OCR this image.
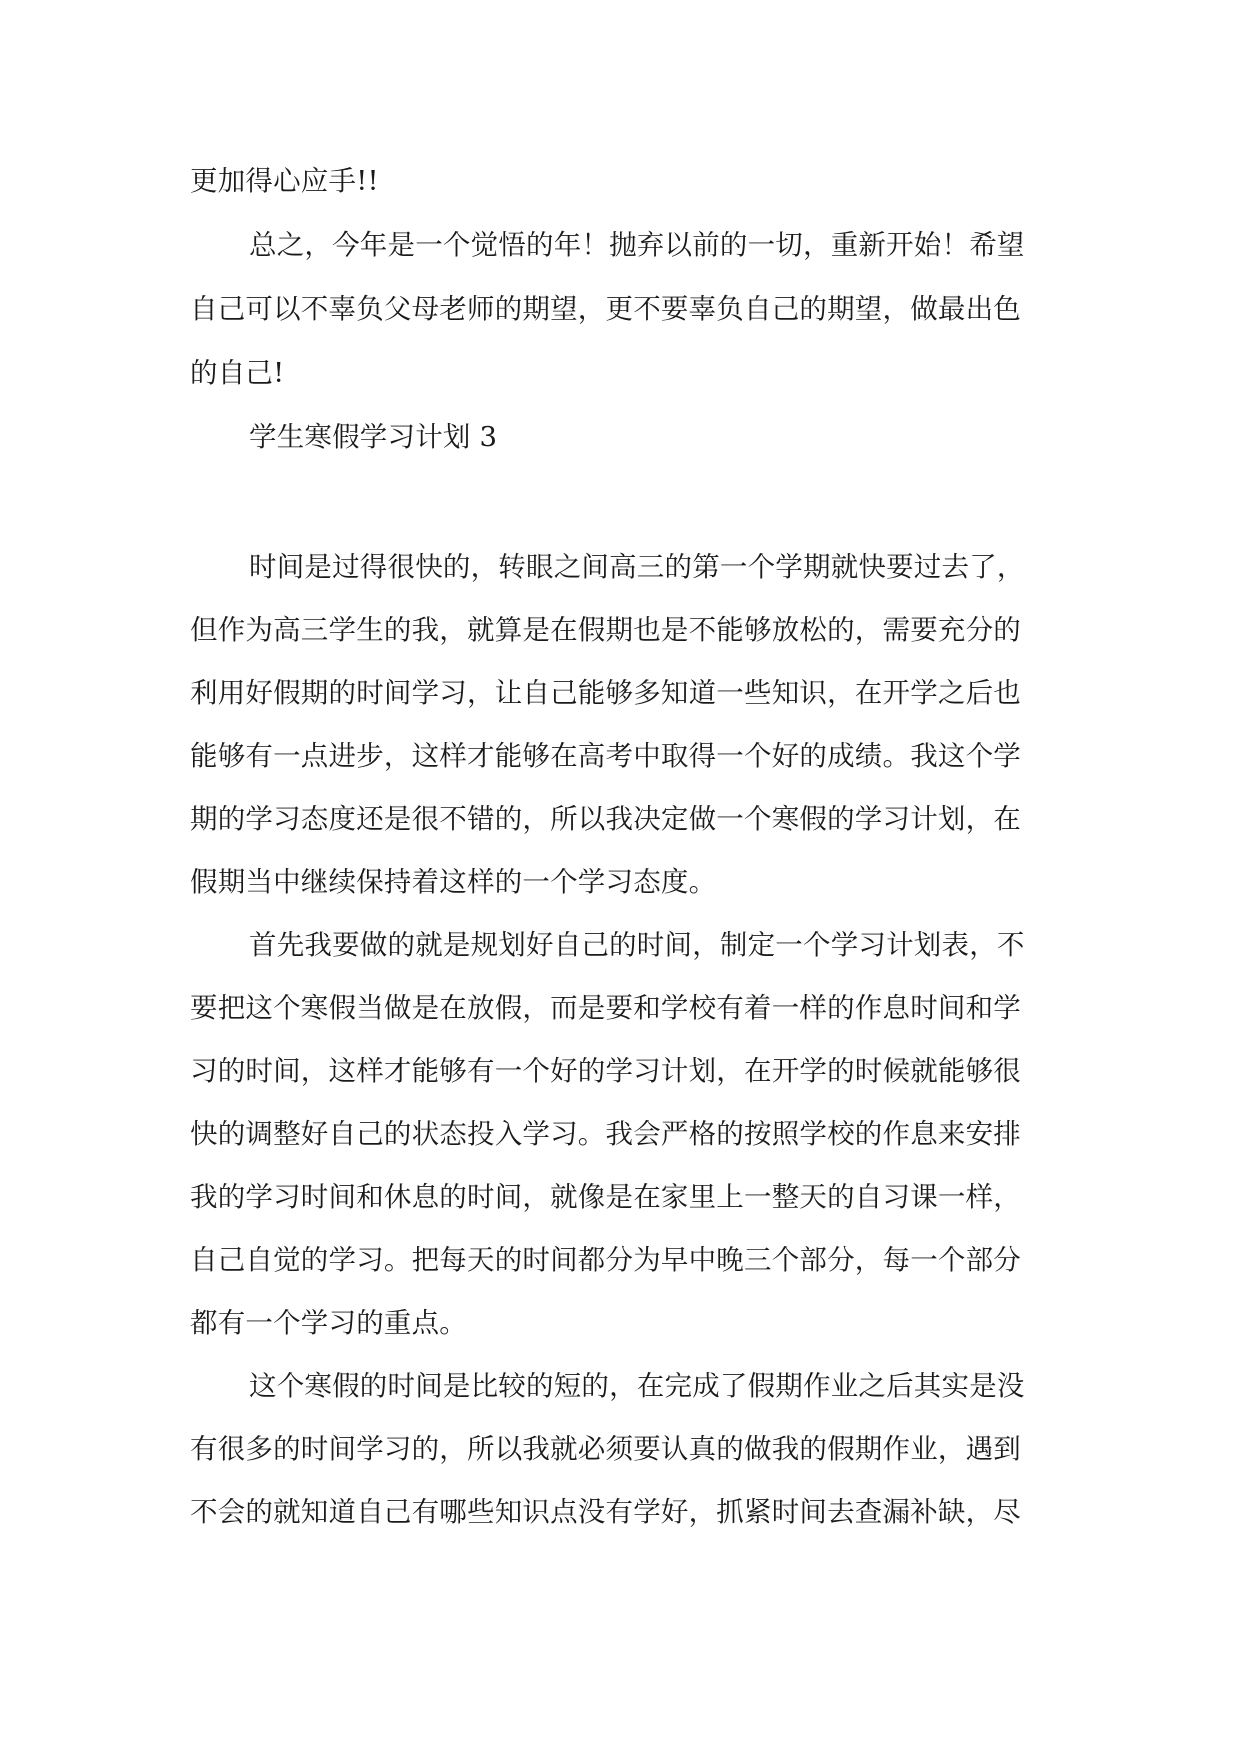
更加得心应手!!
总之，今年是一个觉悟的年！抛弃以前的一切，重新开始！希望
自己可以不辜负父母老师的期望，更不要辜负自己的期望，做最出色
的自己!
学生寒假学习计划 3
时间是过得很快的，转眼之间高三的第一个学期就快要过去了，
但作为高三学生的我，就算是在假期也是不能够放松的，需要充分的
利用好假期的时间学习，让自己能够多知道一些知识，在开学之后也
能够有一点进步，这样才能够在高考中取得一个好的成绩。我这个学
期的学习态度还是很不错的，所以我决定做一个寒假的学习计划，在
假期当中继续保持着这样的一个学习态度。
首先我要做的就是规划好自己的时间，制定一个学习计划表，不
要把这个寒假当做是在放假，而是要和学校有着一样的作息时间和学
习的时间，这样才能够有一个好的学习计划，在开学的时候就能够很
快的调整好自己的状态投入学习。我会严格的按照学校的作息来安排
我的学习时间和休息的时间，就像是在家里上一整天的自习课一样，
自己自觉的学习。把每天的时间都分为早中晚三个部分，每一个部分
都有一个学习的重点。
这个寒假的时间是比较的短的，在完成了假期作业之后其实是没
有很多的时间学习的，所以我就必须要认真的做我的假期作业，遇到
不会的就知道自己有哪些知识点没有学好，抓紧时间去查漏补缺，尽
